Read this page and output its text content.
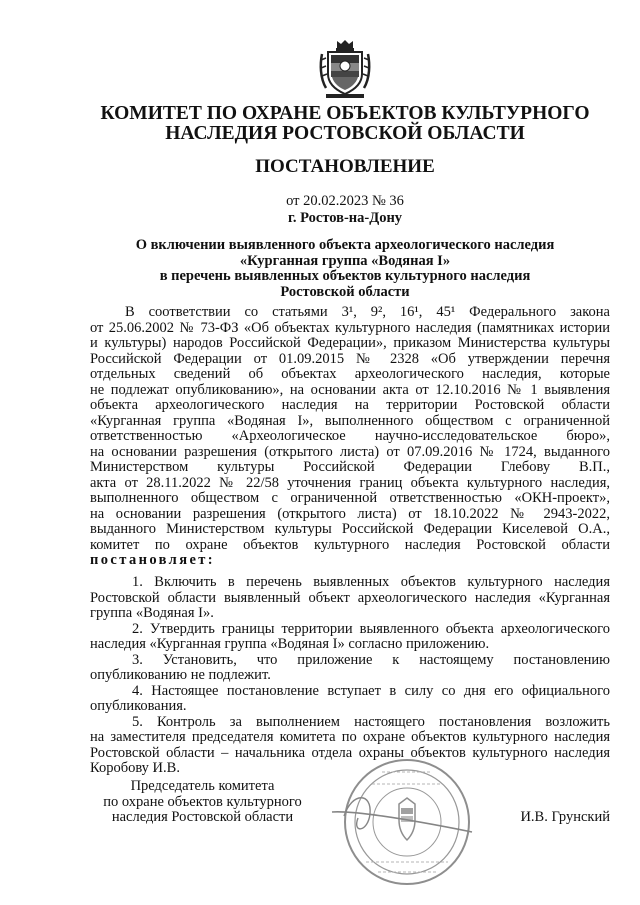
КОМИТЕТ ПО ОХРАНЕ ОБЪЕКТОВ КУЛЬТУРНОГО
НАСЛЕДИЯ РОСТОВСКОЙ ОБЛАСТИ
ПОСТАНОВЛЕНИЕ
от 20.02.2023 № 36
г. Ростов-на-Дону
О включении выявленного объекта археологического наследия
«Курганная группа «Водяная I»
в перечень выявленных объектов культурного наследия
Ростовской области
В соответствии со статьями 3¹, 9², 16¹, 45¹ Федерального закона
от 25.06.2002 № 73-ФЗ «Об объектах культурного наследия (памятниках истории
и культуры) народов Российской Федерации», приказом Министерства культуры
Российской Федерации от 01.09.2015 № 2328 «Об утверждении перечня
отдельных сведений об объектах археологического наследия, которые
не подлежат опубликованию», на основании акта от 12.10.2016 № 1 выявления
объекта археологического наследия на территории Ростовской области
«Курганная группа «Водяная I», выполненного обществом с ограниченной
ответственностью «Археологическое научно-исследовательское бюро»,
на основании разрешения (открытого листа) от 07.09.2016 № 1724, выданного
Министерством культуры Российской Федерации Глебову В.П.,
акта от 28.11.2022 № 22/58 уточнения границ объекта культурного наследия,
выполненного обществом с ограниченной ответственностью «ОКН-проект»,
на основании разрешения (открытого листа) от 18.10.2022 № 2943-2022,
выданного Министерством культуры Российской Федерации Киселевой О.А.,
комитет по охране объектов культурного наследия Ростовской области
постановляет:
1. Включить в перечень выявленных объектов культурного наследия
Ростовской области выявленный объект археологического наследия «Курганная
группа «Водяная I».
2. Утвердить границы территории выявленного объекта археологического
наследия «Курганная группа «Водяная I» согласно приложению.
3. Установить, что приложение к настоящему постановлению
опубликованию не подлежит.
4. Настоящее постановление вступает в силу со дня его официального
опубликования.
5. Контроль за выполнением настоящего постановления возложить
на заместителя председателя комитета по охране объектов культурного наследия
Ростовской области – начальника отдела охраны объектов культурного наследия
Коробову И.В.
Председатель комитета
по охране объектов культурного
наследия Ростовской области	И.В. Грунский
